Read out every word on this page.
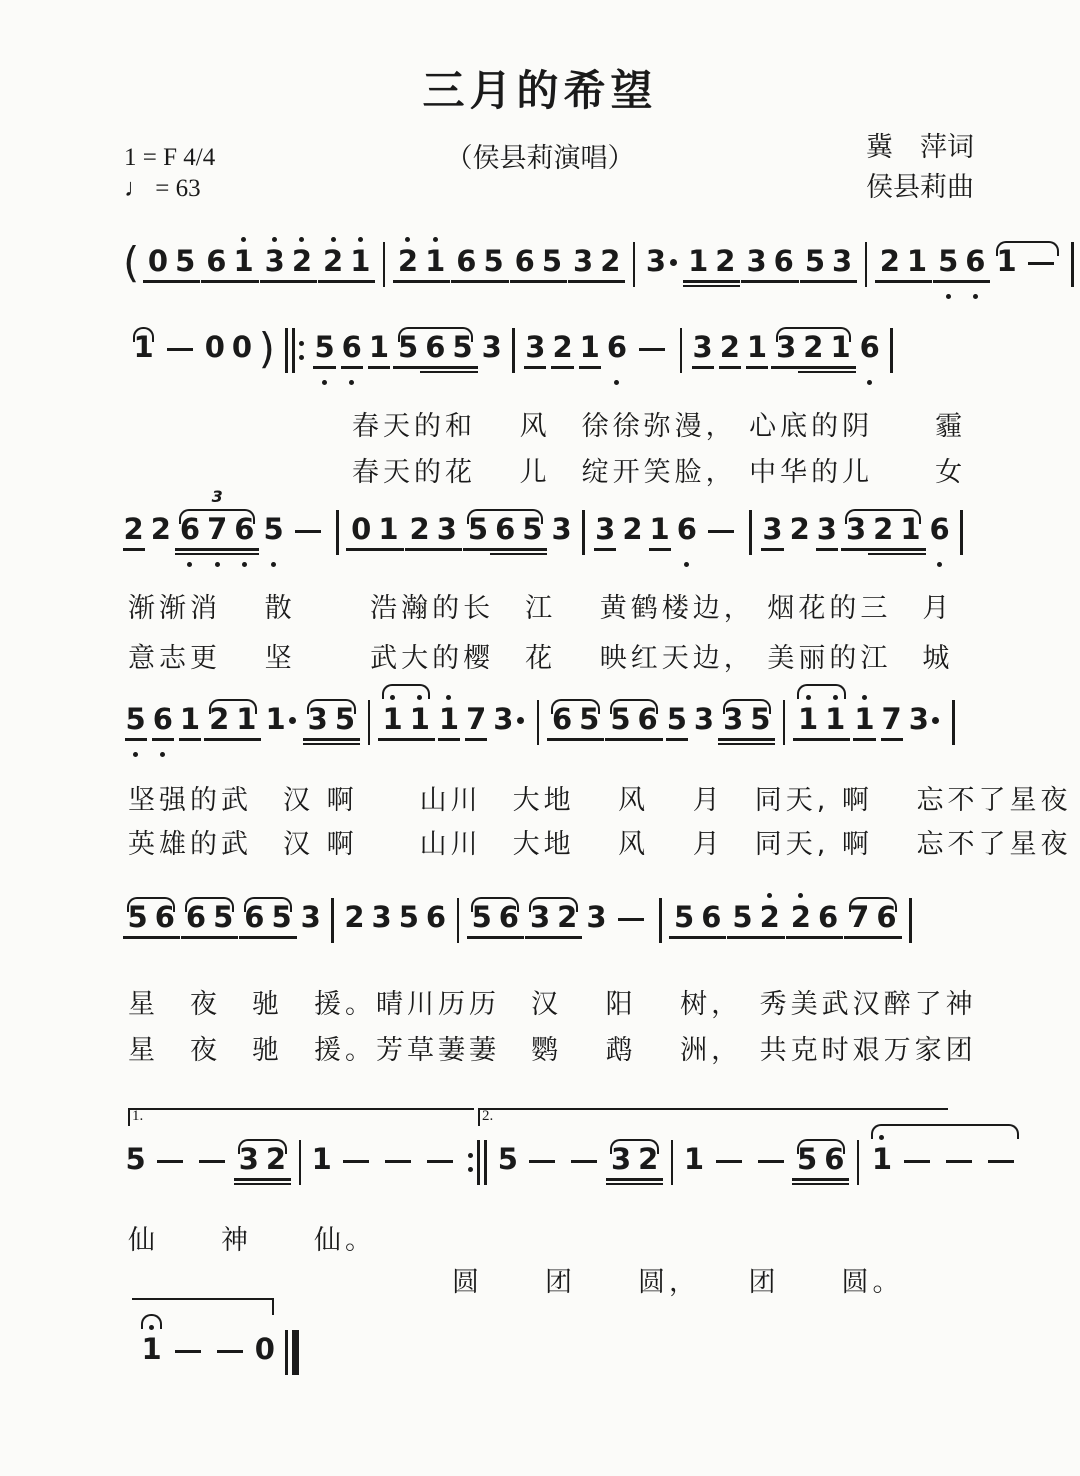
三月的希望
（侯县莉演唱）	冀　萍词
侯县莉曲
1 = F 4/4
♩ = 63
( 0 5 6 1 3 2 2 1 2 1 6 5 6 5 3 2 3 1 2 3 6 5 3 2 1 5 6 1
1 0 0 ) 5 6 1 5 6 5 3 3 2 1 6 3 2 1 3 2 1 6
春天的和　 风　徐徐弥漫， 心底的阴　　霾
春天的花　 儿　绽开笑脸， 中华的儿　　女
2 2
3
6 7 6 5 0 1 2 3 5 6 5 3 3 2 1 6 3 2 3 3 2 1 6
渐渐消　 散　　 浩瀚的长　江　 黄鹤楼边， 烟花的三　月
意志更　 坚　　 武大的樱　花　 映红天边， 美丽的江　城
5 6 1 2 1 1 3 5 1 1 1 7 3 6 5 5 6 5 3 3 5 1 1 1 7 3
坚强的武　汉 啊　　山川　大地　 风　 月　同天, 啊　 忘不了星夜
英雄的武　汉 啊　　山川　大地　 风　 月　同天, 啊　 忘不了星夜
5 6 6 5 6 5 3 2 3 5 6 5 6 3 2 3 5 6 5 2 2 6 7 6
星　夜　驰　援。晴川历历　汉　 阳　 树，　秀美武汉醉了神
星　夜　驰　援。芳草萋萋　鹦　 鹉　 洲，　共克时艰万家团
1.	2.
5	3 2 1	5	3 2 1	5 6 1
仙　　神　　仙。
圆　　团　　圆，　　团　　圆。
1	0
